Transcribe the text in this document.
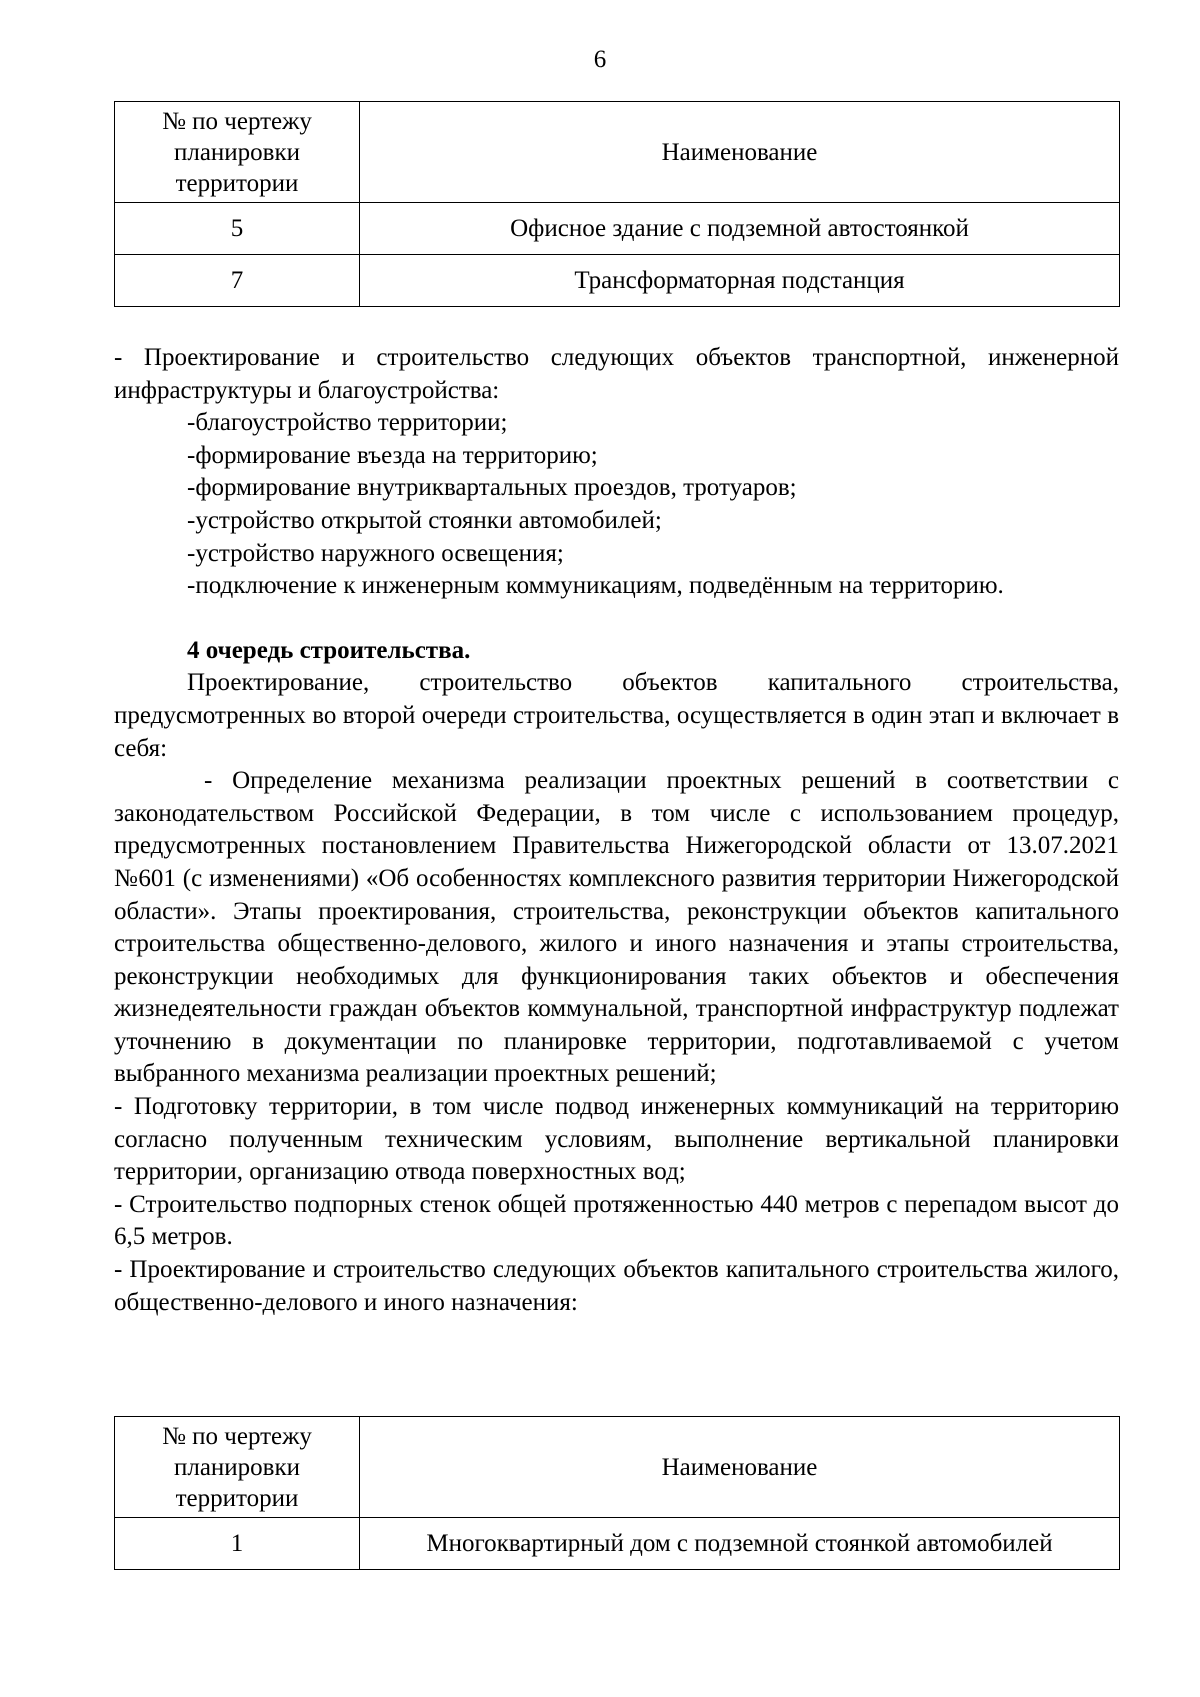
6
№ по чертежу планировки территории	Наименование
5	Офисное здание с подземной автостоянкой
7	Трансформаторная подстанция

- Проектирование и строительство следующих объектов транспортной, инженерной инфраструктуры и благоустройства:

-благоустройство территории;

-формирование въезда на территорию;

-формирование внутриквартальных проездов, тротуаров;

-устройство открытой стоянки автомобилей;

-устройство наружного освещения;

-подключение к инженерным коммуникациям, подведённым на территорию.

4 очередь строительства.

Проектирование, строительство объектов капитального строительства, предусмотренных во второй очереди строительства, осуществляется в один этап и включает в себя:

- Определение механизма реализации проектных решений в соответствии с законодательством Российской Федерации, в том числе с использованием процедур, предусмотренных постановлением Правительства Нижегородской области от 13.07.2021 №601 (с изменениями) «Об особенностях комплексного развития территории Нижегородской области». Этапы проектирования, строительства, реконструкции объектов капитального строительства общественно-делового, жилого и иного назначения и этапы строительства, реконструкции необходимых для функционирования таких объектов и обеспечения жизнедеятельности граждан объектов коммунальной, транспортной инфраструктур подлежат уточнению в документации по планировке территории, подготавливаемой с учетом выбранного механизма реализации проектных решений;

- Подготовку территории, в том числе подвод инженерных коммуникаций на территорию согласно полученным техническим условиям, выполнение вертикальной планировки территории, организацию отвода поверхностных вод;

- Строительство подпорных стенок общей протяженностью 440 метров с перепадом высот до 6,5 метров.

- Проектирование и строительство следующих объектов капитального строительства жилого, общественно-делового и иного назначения:

№ по чертежу планировки территории	Наименование
1	Многоквартирный дом с подземной стоянкой автомобилей
